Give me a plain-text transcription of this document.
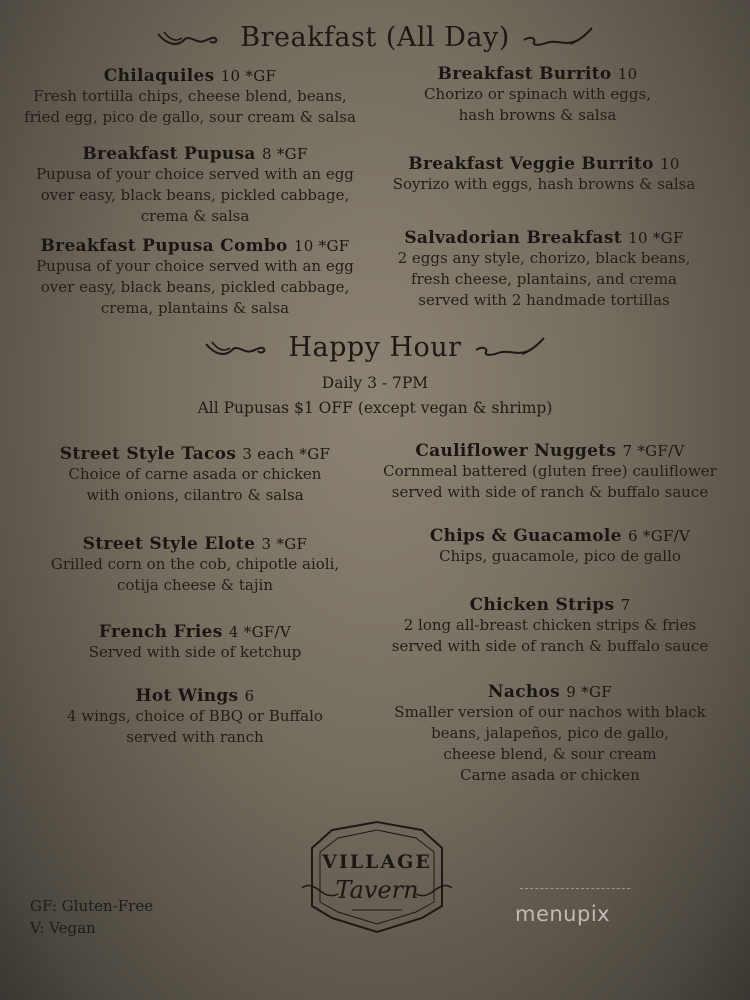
Breakfast (All Day)
Chilaquiles 10 *GF
Fresh tortilla chips, cheese blend, beans,
fried egg, pico de gallo, sour cream & salsa
Breakfast Burrito 10
Chorizo or spinach with eggs,
hash browns & salsa
Breakfast Pupusa 8 *GF
Pupusa of your choice served with an egg
over easy, black beans, pickled cabbage,
crema & salsa
Breakfast Veggie Burrito 10
Soyrizo with eggs, hash browns & salsa
Breakfast Pupusa Combo 10 *GF
Pupusa of your choice served with an egg
over easy, black beans, pickled cabbage,
crema, plantains & salsa
Salvadorian Breakfast 10 *GF
2 eggs any style, chorizo, black beans,
fresh cheese, plantains, and crema
served with 2 handmade tortillas
Happy Hour
Daily 3 - 7PM
All Pupusas $1 OFF (except vegan & shrimp)
Street Style Tacos 3 each *GF
Choice of carne asada or chicken
with onions, cilantro & salsa
Cauliflower Nuggets 7 *GF/V
Cornmeal battered (gluten free) cauliflower
served with side of ranch & buffalo sauce
Street Style Elote 3 *GF
Grilled corn on the cob, chipotle aioli,
cotija cheese & tajin
Chips & Guacamole 6 *GF/V
Chips, guacamole, pico de gallo
French Fries 4 *GF/V
Served with side of ketchup
Chicken Strips 7
2 long all-breast chicken strips & fries
served with side of ranch & buffalo sauce
Hot Wings 6
4 wings, choice of BBQ or Buffalo
served with ranch
Nachos 9 *GF
Smaller version of our nachos with black
beans, jalapeños, pico de gallo,
cheese blend, & sour cream
Carne asada or chicken
VILLAGE
Tavern
GF: Gluten-Free
V: Vegan
menupix
